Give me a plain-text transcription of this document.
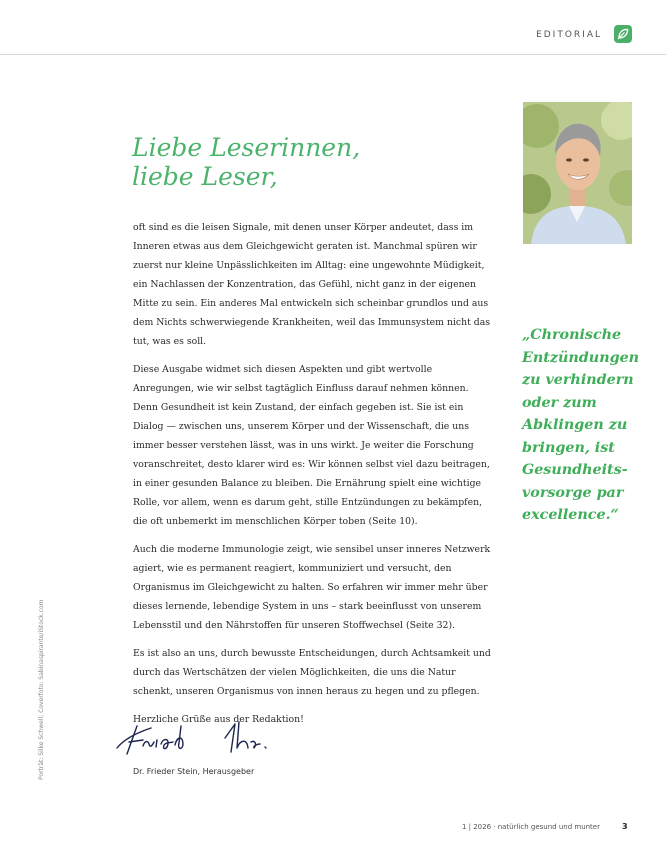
EDITORIAL
Liebe Leserinnen,
liebe Leser,

oft sind es die leisen Signale, mit denen unser Körper andeutet, dass im Inneren etwas aus dem Gleichgewicht geraten ist. Manchmal spüren wir zuerst nur kleine Unpässlichkeiten im Alltag: eine ungewohnte Müdigkeit, ein Nachlassen der Konzentration, das Gefühl, nicht ganz in der eigenen Mitte zu sein. Ein anderes Mal entwickeln sich scheinbar grundlos und aus dem Nichts schwerwiegende Krankheiten, weil das Immunsystem nicht das tut, was es soll.

Diese Ausgabe widmet sich diesen Aspekten und gibt wertvolle Anregungen, wie wir selbst tagtäglich Einfluss darauf nehmen können. Denn Gesundheit ist kein Zustand, der einfach gegeben ist. Sie ist ein Dialog — zwischen uns, unserem Körper und der Wissenschaft, die uns immer besser verstehen lässt, was in uns wirkt. Je weiter die Forschung voranschreitet, desto klarer wird es: Wir können selbst viel dazu beitragen, in einer gesunden Balance zu bleiben. Die Ernährung spielt eine wichtige Rolle, vor allem, wenn es darum geht, stille Entzündungen zu bekämpfen, die oft unbemerkt im menschlichen Körper toben (Seite 10).

Auch die moderne Immunologie zeigt, wie sensibel unser inneres Netzwerk agiert, wie es permanent reagiert, kommuniziert und versucht, den Organismus im Gleichgewicht zu halten. So erfahren wir immer mehr über dieses lernende, lebendige System in uns – stark beeinflusst von unserem Lebensstil und den Nährstoffen für unseren Stoffwechsel (Seite 32).

Es ist also an uns, durch bewusste Entscheidungen, durch Achtsamkeit und durch das Wertschätzen der vielen Möglichkeiten, die uns die Natur schenkt, unseren Organismus von innen heraus zu hegen und zu pflegen.

Herzliche Grüße aus der Redaktion!

Dr. Frieder Stein, Herausgeber

„Chronische Entzündungen zu verhindern oder zum Abklingen zu bringen, ist Gesundheitsvorsorge par excellence.“

Porträt: Silke Schwell; Coverfoto: Sabinaspirante/iStock.com
1 | 2026 · natürlich gesund und munter	3
